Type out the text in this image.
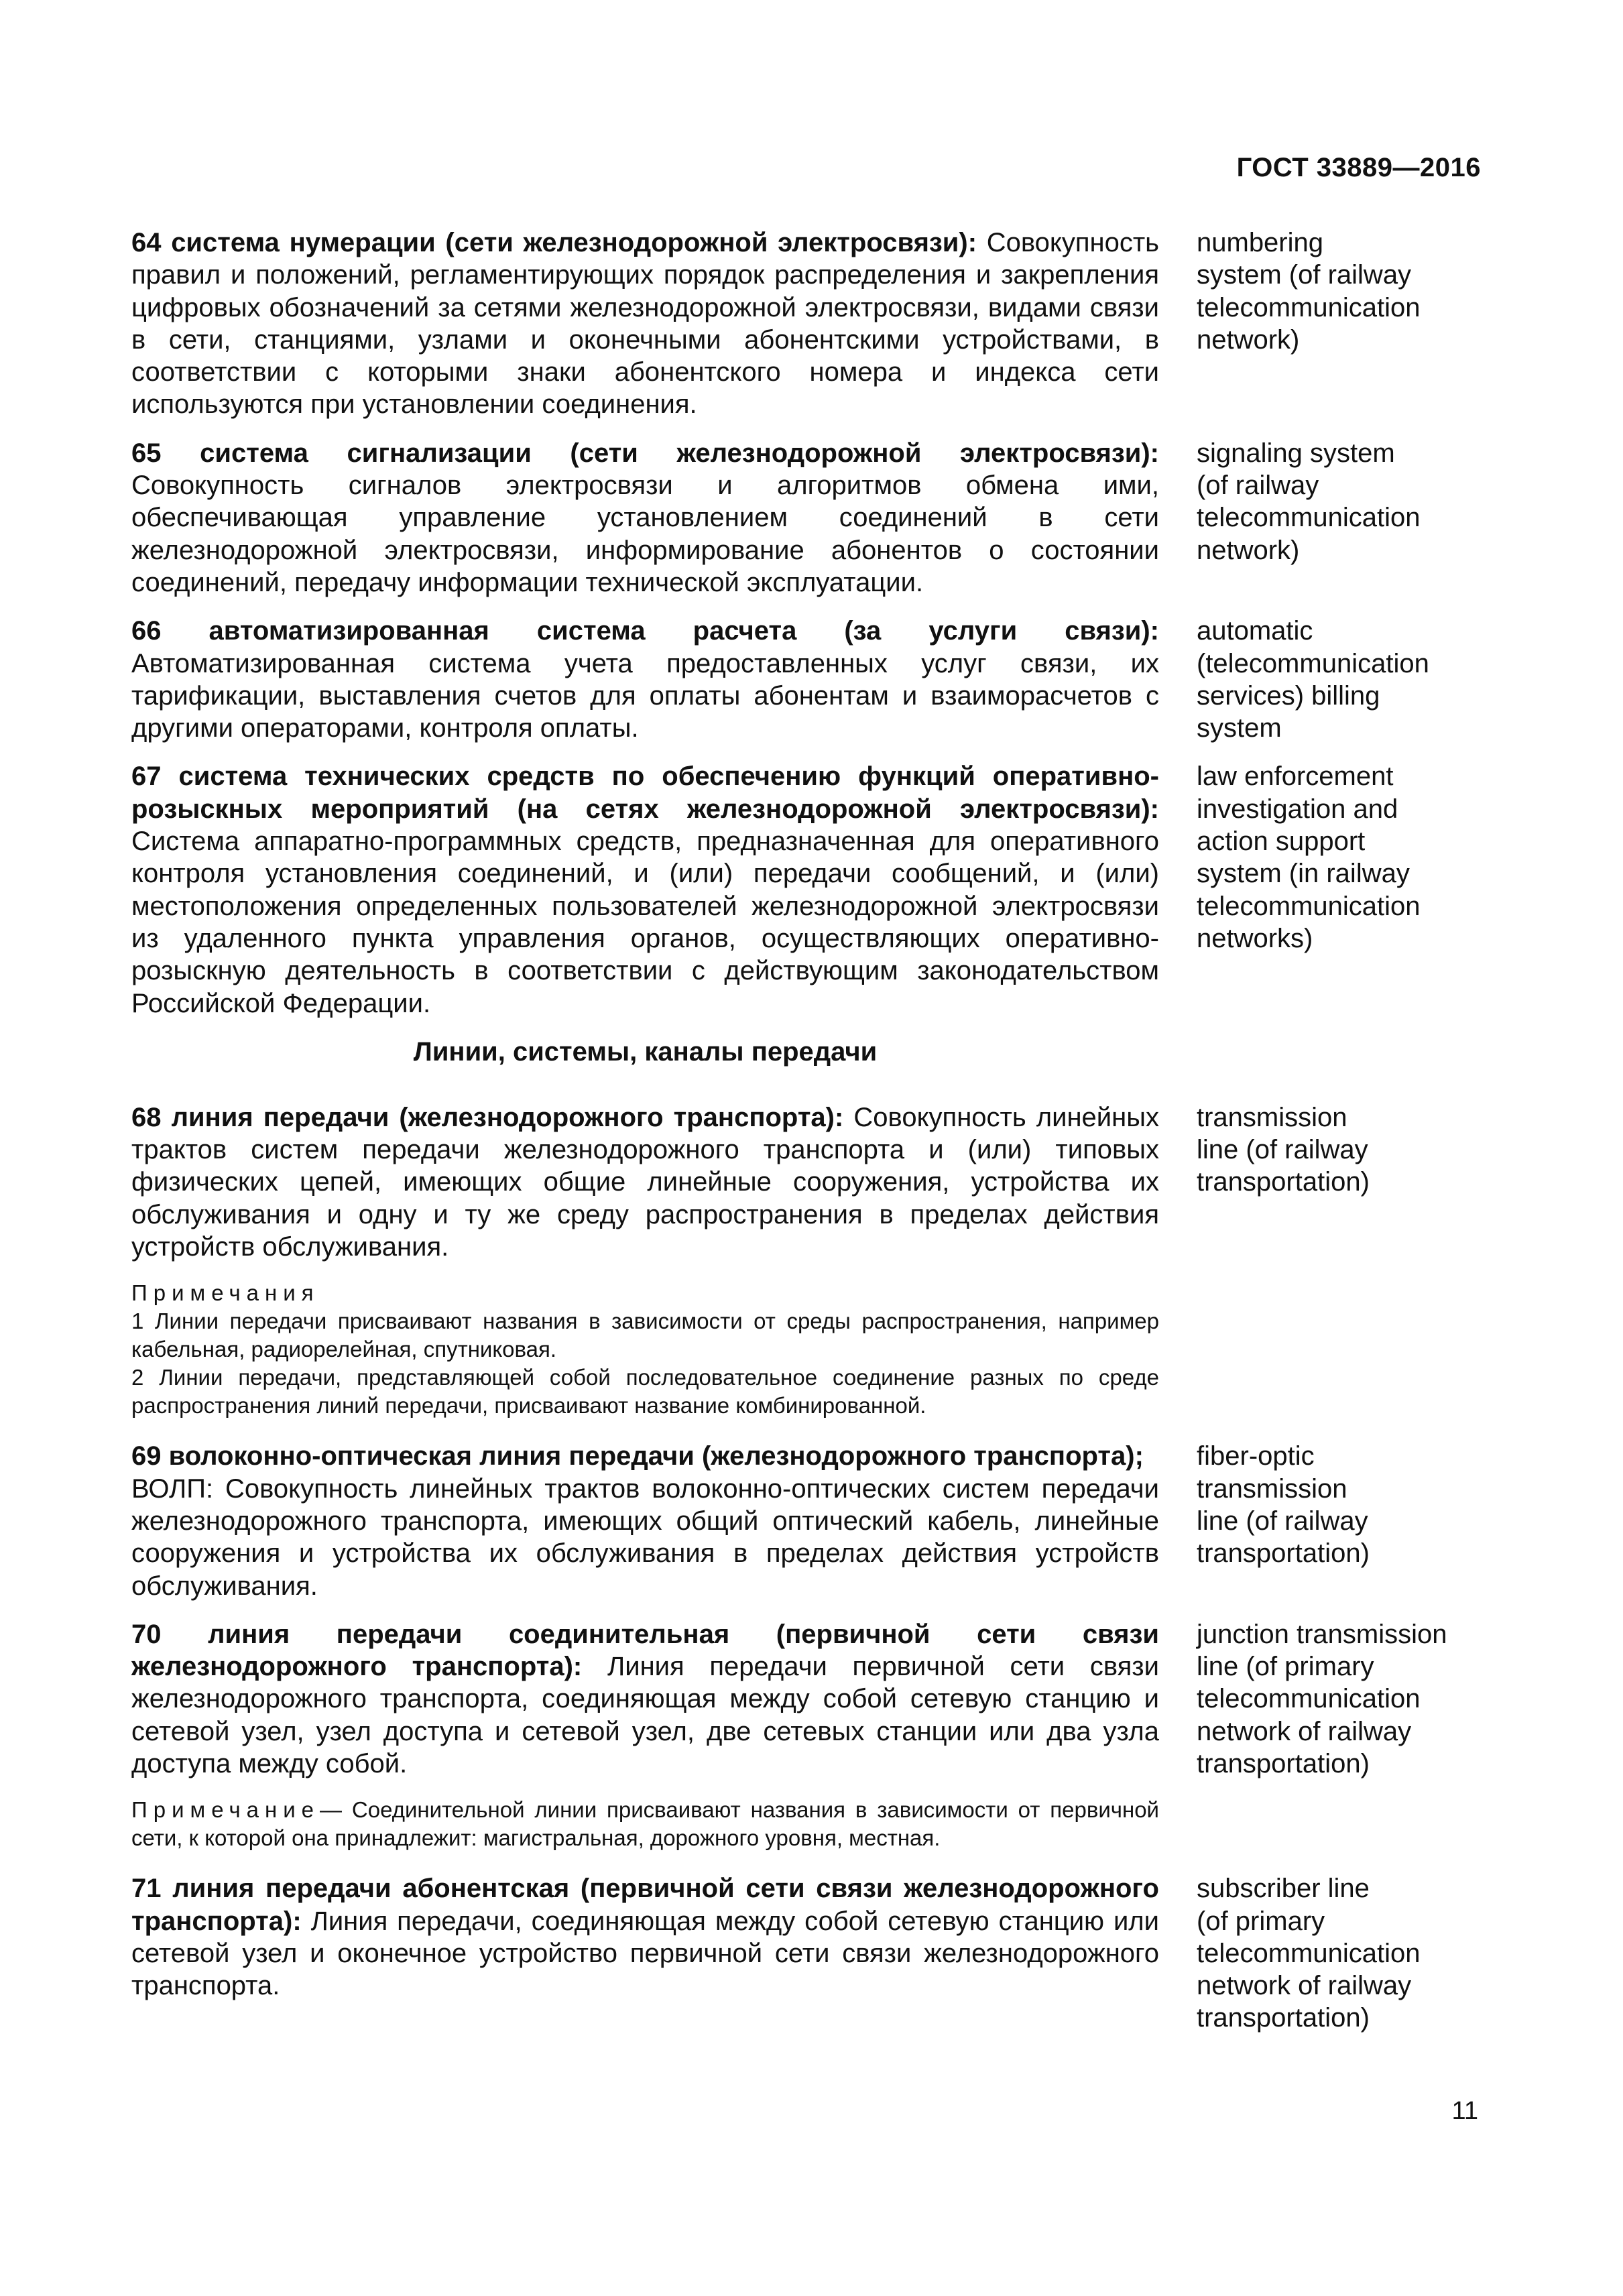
ГОСТ 33889—2016
64 система нумерации (сети железнодорожной электросвязи): Совокупность правил и положений, регламентирующих порядок распределения и закрепления цифровых обозначений за сетями железнодорожной электросвязи, видами связи в сети, станциями, узлами и оконечными абонентскими устройствами, в соответствии с которыми знаки абонентского номера и индекса сети используются при установлении соединения.
numbering
system (of railway
telecommunication
network)
65 система сигнализации (сети железнодорожной электросвязи): Совокупность сигналов электросвязи и алгоритмов обмена ими, обеспечивающая управление установлением соединений в сети железнодорожной электросвязи, информирование абонентов о состоянии соединений, передачу информации технической эксплуатации.
signaling system
(of railway
telecommunication
network)
66 автоматизированная система расчета (за услуги связи): Автоматизированная система учета предоставленных услуг связи, их тарификации, выставления счетов для оплаты абонентам и взаиморасчетов с другими операторами, контроля оплаты.
automatic
(telecommunication
services) billing
system
67 система технических средств по обеспечению функций оперативно-розыскных мероприятий (на сетях железнодорожной электросвязи): Система аппаратно-программных средств, предназначенная для оперативного контроля установления соединений, и (или) передачи сообщений, и (или) местоположения определенных пользователей железнодорожной электросвязи из удаленного пункта управления органов, осуществляющих оперативно-розыскную деятельность в соответствии с действующим законодательством Российской Федерации.
law enforcement
investigation and
action support
system (in railway
telecommunication
networks)
Линии, системы, каналы передачи
68 линия передачи (железнодорожного транспорта): Совокупность линейных трактов систем передачи железнодорожного транспорта и (или) типовых физических цепей, имеющих общие линейные сооружения, устройства их обслуживания и одну и ту же среду распространения в пределах действия устройств обслуживания.
transmission
line (of railway
transportation)
Примечания
1 Линии передачи присваивают названия в зависимости от среды распространения, например кабельная, радиорелейная, спутниковая.
2 Линии передачи, представляющей собой последовательное соединение разных по среде распространения линий передачи, присваивают название комбинированной.
69 волоконно-оптическая линия передачи (железнодорожного транспорта);
ВОЛП: Совокупность линейных трактов волоконно-оптических систем передачи железнодорожного транспорта, имеющих общий оптический кабель, линейные сооружения и устройства их обслуживания в пределах действия устройств обслуживания.
fiber-optic
transmission
line (of railway
transportation)
70 линия передачи соединительная (первичной сети связи железнодорожного транспорта): Линия передачи первичной сети связи железнодорожного транспорта, соединяющая между собой сетевую станцию и сетевой узел, узел доступа и сетевой узел, две сетевых станции или два узла доступа между собой.
junction transmission
line (of primary
telecommunication
network of railway
transportation)
Примечание— Соединительной линии присваивают названия в зависимости от первичной сети, к которой она принадлежит: магистральная, дорожного уровня, местная.
71 линия передачи абонентская (первичной сети связи железнодорожного транспорта): Линия передачи, соединяющая между собой сетевую станцию или сетевой узел и оконечное устройство первичной сети связи железнодорожного транспорта.
subscriber line
(of primary
telecommunication
network of railway
transportation)
11
